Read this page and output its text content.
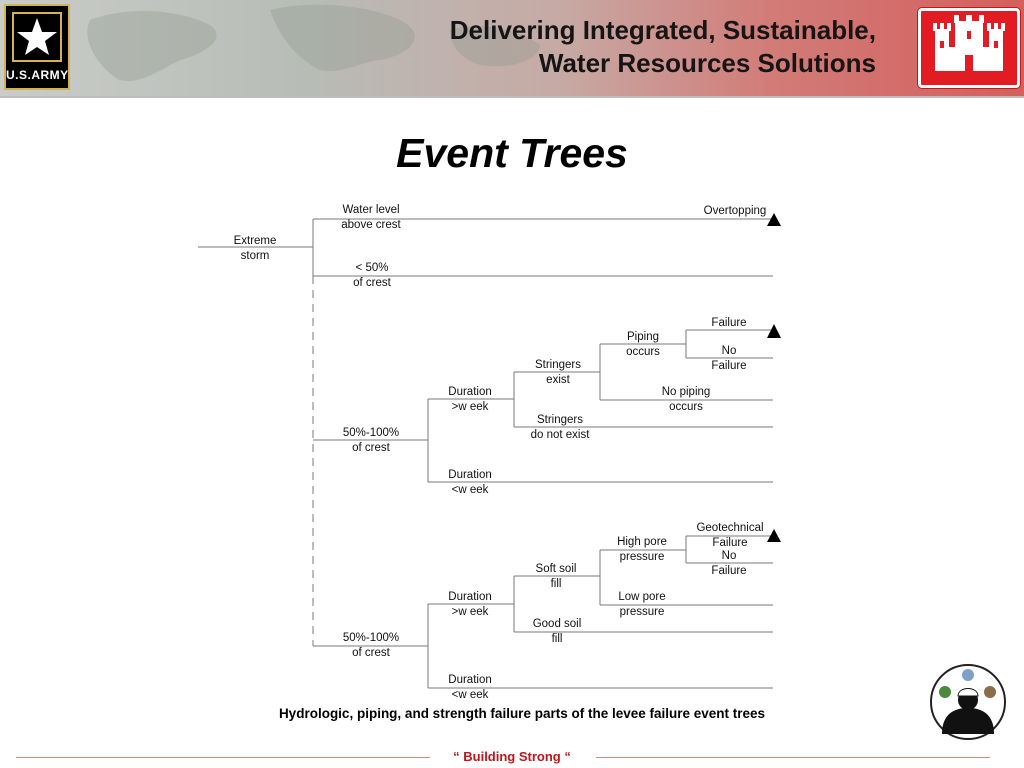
U.S.ARMY
Delivering Integrated, Sustainable,
Water Resources Solutions
Event Trees
Extreme
storm
Water level
above crest
Overtopping
< 50%
of crest
50%-100%
of crest
Duration
>w eek
Duration
<w eek
Stringers
exist
Stringers
do not exist
Piping
occurs
No piping
occurs
Failure
No
Failure
50%-100%
of crest
Duration
>w eek
Duration
<w eek
Soft soil
fill
Good soil
fill
High pore
pressure
Low pore
pressure
Geotechnical
Failure
No
Failure
Hydrologic, piping, and strength failure parts of the levee failure event trees
“ Building Strong “
